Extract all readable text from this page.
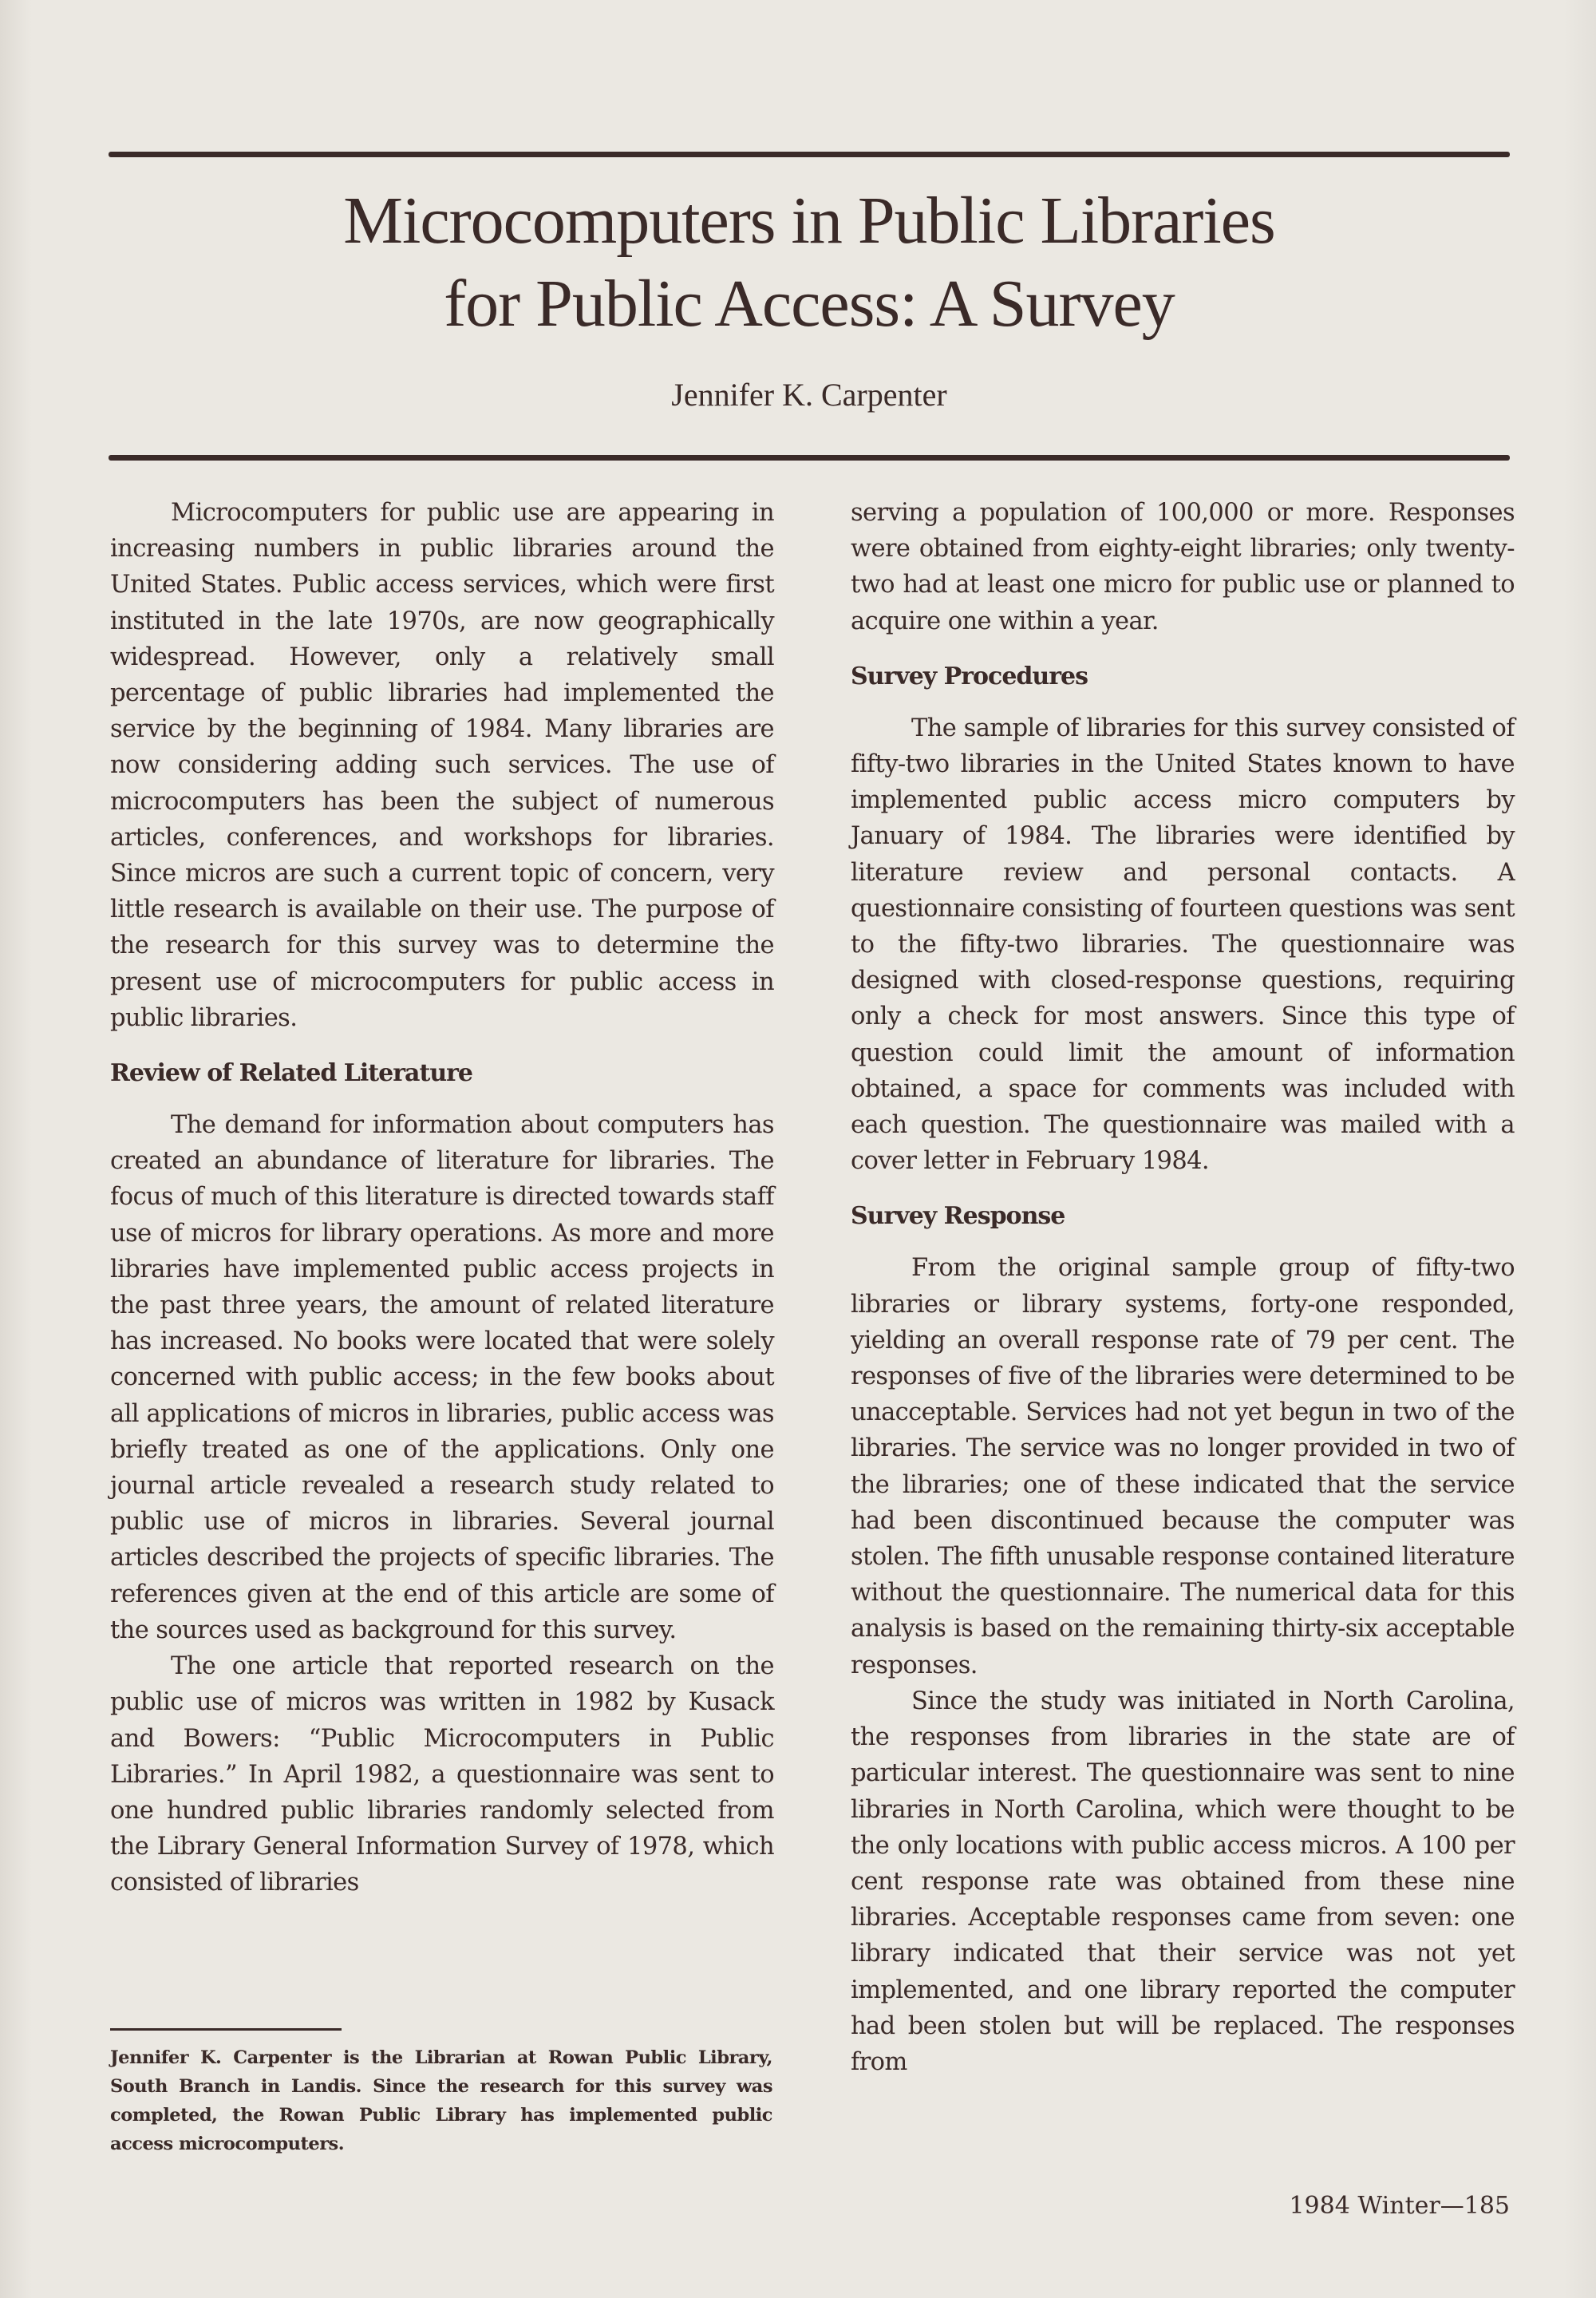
Microcomputers in Public Libraries
for Public Access: A Survey
Jennifer K. Carpenter

Microcomputers for public use are appearing in increasing numbers in public libraries around the United States. Public access services, which were first instituted in the late 1970s, are now geographically widespread. However, only a relatively small percentage of public libraries had implemented the service by the beginning of 1984. Many libraries are now considering adding such services. The use of microcomputers has been the subject of numerous articles, conferences, and workshops for libraries. Since micros are such a current topic of concern, very little research is available on their use. The purpose of the research for this survey was to determine the present use of microcomputers for public access in public libraries.

Review of Related Literature

The demand for information about computers has created an abundance of literature for libraries. The focus of much of this literature is directed towards staff use of micros for library operations. As more and more libraries have implemented public access projects in the past three years, the amount of related literature has increased. No books were located that were solely concerned with public access; in the few books about all applications of micros in libraries, public access was briefly treated as one of the applications. Only one journal article revealed a research study related to public use of micros in libraries. Several journal articles described the projects of specific libraries. The references given at the end of this article are some of the sources used as background for this survey.

The one article that reported research on the public use of micros was written in 1982 by Kusack and Bowers: “Public Microcomputers in Public Libraries.” In April 1982, a questionnaire was sent to one hundred public libraries randomly selected from the Library General Information Survey of 1978, which consisted of libraries

serving a population of 100,000 or more. Responses were obtained from eighty-eight libraries; only twenty-two had at least one micro for public use or planned to acquire one within a year.

Survey Procedures

The sample of libraries for this survey consisted of fifty-two libraries in the United States known to have implemented public access micro computers by January of 1984. The libraries were identified by literature review and personal contacts. A questionnaire consisting of fourteen questions was sent to the fifty-two libraries. The questionnaire was designed with closed-response questions, requiring only a check for most answers. Since this type of question could limit the amount of information obtained, a space for comments was included with each question. The questionnaire was mailed with a cover letter in February 1984.

Survey Response

From the original sample group of fifty-two libraries or library systems, forty-one responded, yielding an overall response rate of 79 per cent. The responses of five of the libraries were determined to be unacceptable. Services had not yet begun in two of the libraries. The service was no longer provided in two of the libraries; one of these indicated that the service had been discontinued because the computer was stolen. The fifth unusable response contained literature without the questionnaire. The numerical data for this analysis is based on the remaining thirty-six acceptable responses.

Since the study was initiated in North Carolina, the responses from libraries in the state are of particular interest. The questionnaire was sent to nine libraries in North Carolina, which were thought to be the only locations with public access micros. A 100 per cent response rate was obtained from these nine libraries. Acceptable responses came from seven: one library indicated that their service was not yet implemented, and one library reported the computer had been stolen but will be replaced. The responses from

Jennifer K. Carpenter is the Librarian at Rowan Public Library, South Branch in Landis. Since the research for this survey was completed, the Rowan Public Library has implemented public access microcomputers.
1984 Winter—185
